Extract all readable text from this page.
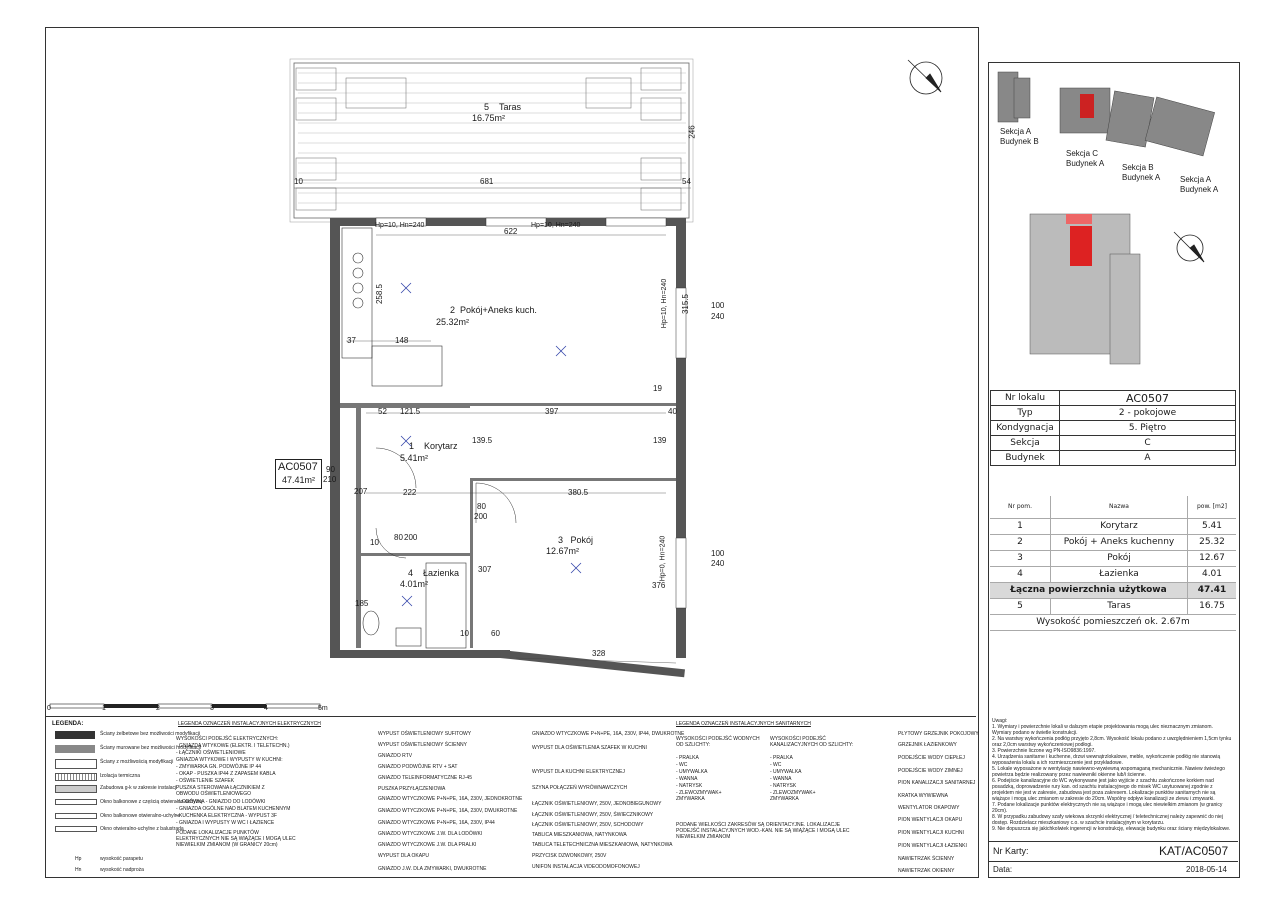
5 Taras
16.75m²
2 Pokój+Aneks kuch.
25.32m²
1 Korytarz
5.41m²
3 Pokój
12.67m²
4 Łazienka
4.01m²
AC0507
47.41m²
10	681	54
246
622
315.5	100
240
148
37
258.5
52 121.5	397	40
19
139
139.5
90
210
207	222	380.5
80
200
80 200
10
100
240
376
307
185
10	60
328
Hp=10, Hn=240	Hp=10, Hn=240
Hp=10, Hn=240
Hp=0, Hn=240
0	1	2	3	4	5m
LEGENDA:
Ściany żelbetowe bez możliwości modyfikacji
Ściany murowane bez możliwości modyfikacji
Ściany z możliwością modyfikacji
Izolacja termiczna
Zabudowa g-k w zakresie instalacji
Okno balkonowe z częścią otwieralno-uchylną
Okno balkonowe otwieralno-uchylne
Okno otwieralno-uchylne z balustradą
Hp	wysokość parapetu
Hn	wysokość nadproża
LEGENDA OZNACZEŃ INSTALACYJNYCH ELEKTRYCZNYCH
WYSOKOŚCI PODEJŚĆ ELEKTRYCZNYCH:
- GNIAZDA WTYKOWE (ELEKTR. I TELETECHN.)
- ŁĄCZNIKI OŚWIETLENIOWE
GNIAZDA WTYKOWE I WYPUSTY W KUCHNI:
- ZMYWARKA GN. PODWÓJNE IP 44
- OKAP - PUSZKA IP44 Z ZAPASEM KABLA
- OŚWIETLENIE SZAFEK
PUSZKA STEROWANA ŁĄCZNIKIEM Z OBWODU OŚWIETLENIOWEGO
- LODÓWKA - GNIAZDO DO LODÓWKI
- GNIAZDA OGÓLNE NAD BLATEM KUCHENNYM
- KUCHENKA ELEKTRYCZNA - WYPUST 3F
- GNIAZDA I WYPUSTY W WC I ŁAZIENCE
PODANE LOKALIZACJE PUNKTÓW ELEKTRYCZNYCH NIE SĄ WIĄŻĄCE I MOGĄ ULEC NIEWIELKIM ZMIANOM (W GRANICY 20cm)
WYPUST OŚWIETLENIOWY SUFITOWY
WYPUST OŚWIETLENIOWY ŚCIENNY
GNIAZDO RTV
GNIAZDO PODWÓJNE RTV + SAT
GNIAZDO TELEINFORMATYCZNE RJ-45
PUSZKA PRZYŁĄCZENIOWA
GNIAZDO WTYCZKOWE P+N+PE, 16A, 230V, JEDNOKROTNE
GNIAZDO WTYCZKOWE P+N+PE, 16A, 230V, DWUKROTNE
GNIAZDO WTYCZKOWE P+N+PE, 16A, 230V, IP44
GNIAZDO WTYCZKOWE J.W. DLA LODÓWKI
GNIAZDO WTYCZKOWE J.W. DLA PRALKI
WYPUST DLA OKAPU
GNIAZDO J.W. DLA ZMYWARKI, DWUKROTNE
GNIAZDO WTYCZKOWE P+N+PE, 16A, 230V, IP44, DWUKROTNE
WYPUST DLA OŚWIETLENIA SZAFEK W KUCHNI
WYPUST DLA KUCHNI ELEKTRYCZNEJ
SZYNA POŁĄCZEŃ WYRÓWNAWCZYCH
ŁĄCZNIK OŚWIETLENIOWY, 250V, JEDNOBIEGUNOWY
ŁĄCZNIK OŚWIETLENIOWY, 250V, ŚWIECZNIKOWY
ŁĄCZNIK OŚWIETLENIOWY, 250V, SCHODOWY
TABLICA MIESZKANIOWA, NATYNKOWA
TABLICA TELETECHNICZNA MIESZKANIOWA, NATYNKOWA
PRZYCISK DZWONKOWY, 250V
UNIFON INSTALACJA VIDEODOMOFONOWEJ
LEGENDA OZNACZEŃ INSTALACYJNYCH SANITARNYCH
WYSOKOŚCI PODEJŚĆ WODNYCH OD SZLICHTY:
- PRALKA
- WC
- UMYWALKA
- WANNA
- NATRYSK
- ZLEWOZMYWAK+ ZMYWARKA
WYSOKOŚCI PODEJŚĆ KANALIZACYJNYCH OD SZLICHTY:
- PRALKA
- WC
- UMYWALKA
- WANNA
- NATRYSK
- ZLEWOZMYWAK+ ZMYWARKA
PODANE WIELKOŚCI ZAKRESÓW SĄ ORIENTACYJNE. LOKALIZACJE PODEJŚĆ INSTALACYJNYCH WOD.-KAN. NIE SĄ WIĄŻĄCE I MOGĄ ULEC NIEWIELKIM ZMIANOM
PŁYTOWY GRZEJNIK POKOJOWY
GRZEJNIK ŁAZIENKOWY
PODEJŚCIE WODY CIEPŁEJ
PODEJŚCIE WODY ZIMNEJ
PION KANALIZACJI SANITARNEJ
KRATKA WYWIEWNA
WENTYLATOR OKAPOWY
PION WENTYLACJI OKAPU
PION WENTYLACJI KUCHNI
PION WENTYLACJI ŁAZIENKI
NAWIETRZAK ŚCIENNY
NAWIETRZAK OKIENNY
Sekcja A
Budynek B
Sekcja C
Budynek A Sekcja B
Budynek A Sekcja A
Budynek A
Nr lokalu	AC0507
Typ	2 - pokojowe
Kondygnacja	5. Piętro
Sekcja	C
Budynek	A
Nr pom.	Nazwa	pow. [m2]
1	Korytarz	5.41
2	Pokój + Aneks kuchenny	25.32
3	Pokój	12.67
4	Łazienka	4.01
Łączna powierzchnia użytkowa		47.41
5	Taras	16.75
Wysokość pomieszczeń ok. 2.67m		
Uwagi:
1. Wymiary i powierzchnie lokali w dalszym etapie projektowania mogą ulec nieznacznym zmianom. Wymiary podano w świetle konstrukcji.
2. Na warstwy wykończenia podłóg przyjęto 2,8cm. Wysokość lokalu podano z uwzględnieniem 1,5cm tynku oraz 2,0cm warstwy wykończeniowej podłogi.
3. Powierzchnie liczone wg PN-ISO9836:1997.
4. Urządzenia sanitarne i kuchenne, drzwi wewnątrzlokalowe, meble, wykończenie podłóg nie stanowią wyposażenia lokalu a ich rozmieszczenie jest przykładowe.
5. Lokale wyposażone w wentylację nawiewno-wywiewną wspomaganą mechanicznie. Nawiew świeżego powietrza będzie realizowany przez nawiewniki okienne lub/i ścienne.
6. Podejście kanalizacyjne do WC wykonywane jest jako wyjście z szachtu zakończone korkiem nad posadzką, doprowadzenie rury kan. od szachtu instalacyjnego do misek WC usytuowanej zgodnie z projektem nie jest w zakresie, zabudowa jest poza zakresem. Lokalizacje punktów sanitarnych nie są wiążące i mogą ulec zmianom w zakresie do 20cm. Wspólny odpływ kanalizacji ze zlewu i zmywarki.
7. Podane lokalizacje punktów elektrycznych nie są wiążące i mogą ulec niewielkim zmianom (w granicy 20cm).
8. W przypadku zabudowy szafy wiekowa skrzynki elektrycznej / teletechnicznej należy zapewnić do niej dostęp. Rozdzielacz mieszkaniowy c.o. w szachcie instalacyjnym w korytarzu.
9. Nie dopuszcza się jakichkolwiek ingerencji w konstrukcję, elewację budynku oraz ściany międzylokalowe.
Nr Karty:	KAT/AC0507
Data:	2018-05-14
